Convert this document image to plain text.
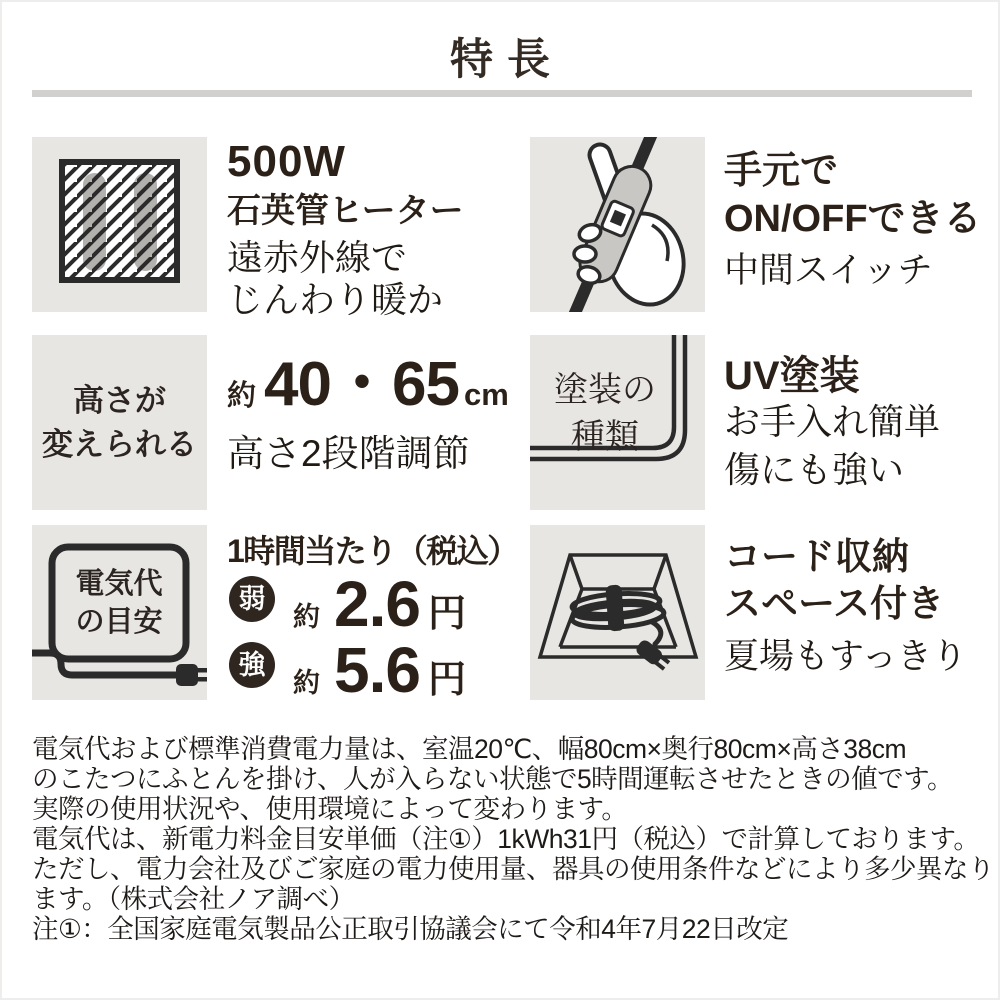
特長
500W
石英管ヒーター
遠赤外線で
じんわり暖か
手元で
ON/OFFできる
中間スイッチ
高さが
変えられる
約 40・65 cm
高さ2段階調節
塗装の
種類
UV塗装
お手入れ簡単
傷にも強い
電気代
の目安
1時間当たり（税込）
弱
約 2.6 円
強
約 5.6 円
コード収納
スペース付き
夏場もすっきり
電気代および標準消費電力量は、室温20℃、幅80cm×奥行80cm×高さ38cm
のこたつにふとんを掛け、人が入らない状態で5時間運転させたときの値です。
実際の使用状況や、使用環境によって変わります。
電気代は、新電力料金目安単価（注①）1kWh31円（税込）で計算しております。
ただし、電力会社及びご家庭の電力使用量、器具の使用条件などにより多少異なり
ます。（株式会社ノア調べ）
注①：全国家庭電気製品公正取引協議会にて令和4年7月22日改定
